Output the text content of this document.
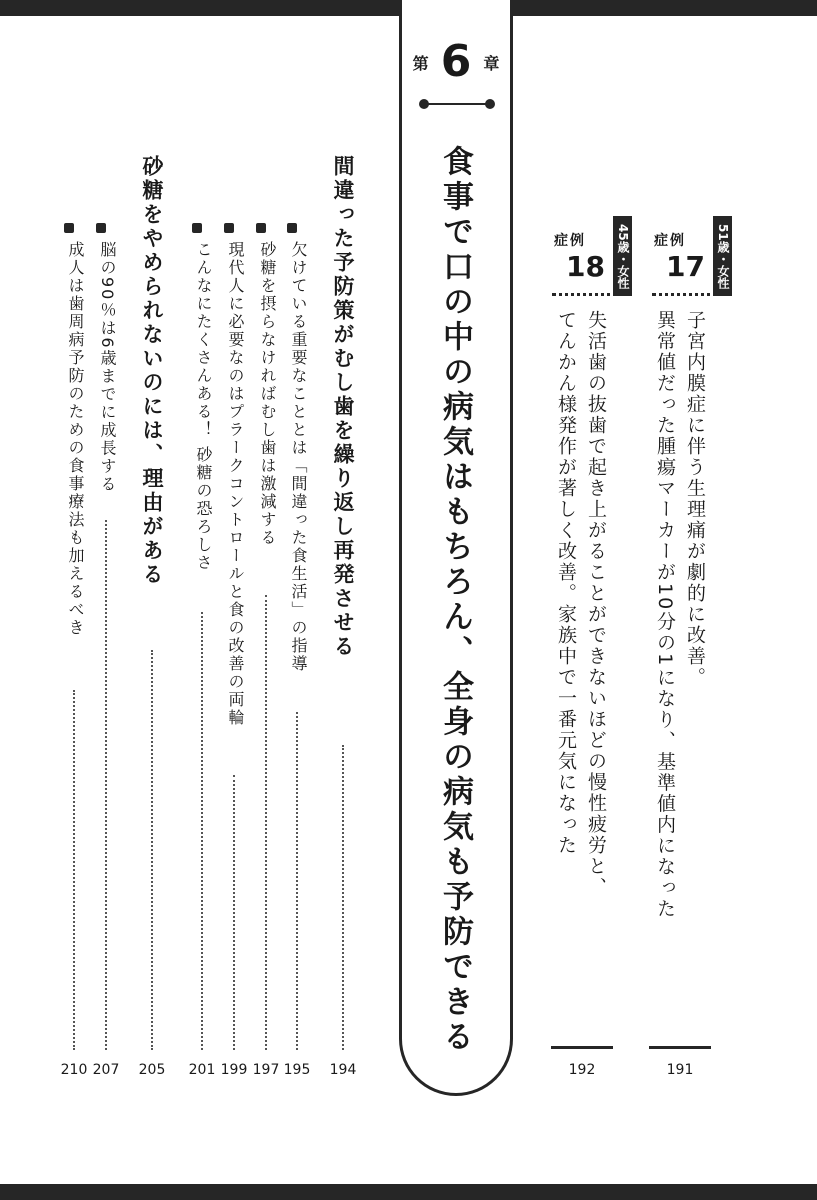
第 6 章
食事で口の中の病気はもちろん、全身の病気も予防できる	症例
17 51歳・女性
子宮内膜症に伴う生理痛が劇的に改善。
異常値だった腫瘍マーカーが10分の1になり、基準値内になった
191
症例
18 45歳・女性
失活歯の抜歯で起き上がることができないほどの慢性疲労と、
てんかん様発作が著しく改善。家族中で一番元気になった
192
間違った予防策がむし歯を繰り返し再発させる
194
欠けている重要なこととは「間違った食生活」の指導
195
砂糖を摂らなければむし歯は激減する
197
現代人に必要なのはプラークコントロールと食の改善の両輪
199
こんなにたくさんある！ 砂糖の恐ろしさ
201
砂糖をやめられないのには、理由がある
205
脳の90％は6歳までに成長する
207
成人は歯周病予防のための食事療法も加えるべき
210
